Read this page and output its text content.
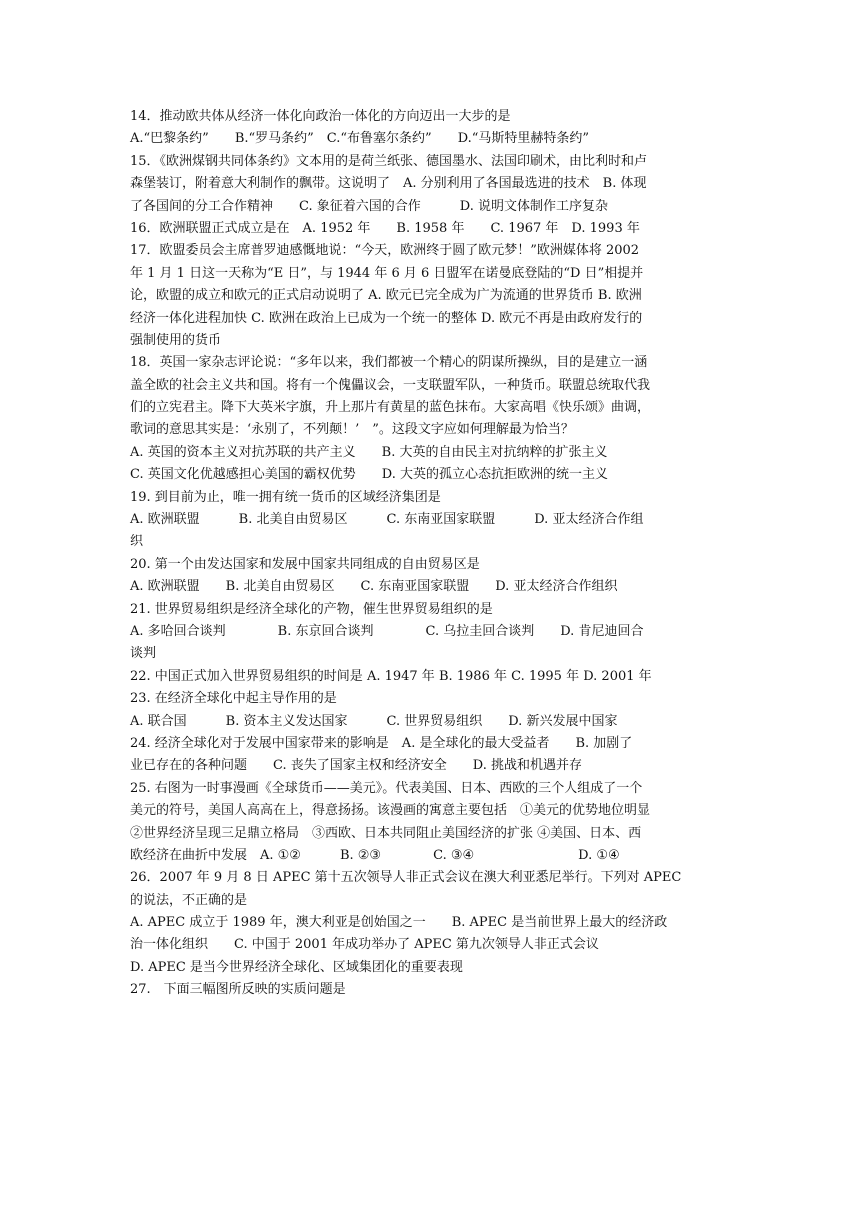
14．推动欧共体从经济一体化向政治一体化的方向迈出一大步的是
A.“巴黎条约”　　B.“罗马条约”　C.“布鲁塞尔条约”　　D.“马斯特里赫特条约”
15．《欧洲煤钢共同体条约》文本用的是荷兰纸张、德国墨水、法国印刷术，由比利时和卢
森堡装订，附着意大利制作的飘带。这说明了　A. 分别利用了各国最选进的技术　B. 体现
了各国间的分工合作精神　　C. 象征着六国的合作　　　D. 说明文体制作工序复杂
16．欧洲联盟正式成立是在　A. 1952 年　　B. 1958 年　　C. 1967 年　D. 1993 年
17．欧盟委员会主席普罗迪感慨地说：“今天，欧洲终于圆了欧元梦！”欧洲媒体将 2002
年 1 月 1 日这一天称为“E 日”，与 1944 年 6 月 6 日盟军在诺曼底登陆的“D 日”相提并
论，欧盟的成立和欧元的正式启动说明了 A. 欧元已完全成为广为流通的世界货币 B. 欧洲
经济一体化进程加快 C. 欧洲在政治上已成为一个统一的整体 D. 欧元不再是由政府发行的
强制使用的货币
18．英国一家杂志评论说：“多年以来，我们都被一个精心的阴谋所操纵，目的是建立一涵
盖全欧的社会主义共和国。将有一个傀儡议会，一支联盟军队，一种货币。联盟总统取代我
们的立宪君主。降下大英米字旗，升上那片有黄星的蓝色抹布。大家高唱《快乐颂》曲调，
歌词的意思其实是：‘永别了，不列颠！’　”。这段文字应如何理解最为恰当？
A. 英国的资本主义对抗苏联的共产主义　　B. 大英的自由民主对抗纳粹的扩张主义
C. 英国文化优越感担心美国的霸权优势　　D. 大英的孤立心态抗拒欧洲的统一主义
19. 到目前为止，唯一拥有统一货币的区域经济集团是
A. 欧洲联盟　　　B. 北美自由贸易区　　　C. 东南亚国家联盟　　　D. 亚太经济合作组
织
20. 第一个由发达国家和发展中国家共同组成的自由贸易区是
A. 欧洲联盟　　B. 北美自由贸易区　　C. 东南亚国家联盟　　D. 亚太经济合作组织
21. 世界贸易组织是经济全球化的产物，催生世界贸易组织的是
A. 多哈回合谈判　　　　B. 东京回合谈判　　　　C. 乌拉圭回合谈判　　D. 肯尼迪回合
谈判
22. 中国正式加入世界贸易组织的时间是 A. 1947 年 B. 1986 年 C. 1995 年 D. 2001 年
23. 在经济全球化中起主导作用的是
A. 联合国　　　B. 资本主义发达国家　　　C. 世界贸易组织　　D. 新兴发展中国家
24. 经济全球化对于发展中国家带来的影响是　A. 是全球化的最大受益者　　B. 加剧了
业已存在的各种问题　　C. 丧失了国家主权和经济安全　　D. 挑战和机遇并存
25. 右图为一时事漫画《全球货币——美元》。代表美国、日本、西欧的三个人组成了一个
美元的符号，美国人高高在上，得意扬扬。该漫画的寓意主要包括　①美元的优势地位明显
②世界经济呈现三足鼎立格局　③西欧、日本共同阻止美国经济的扩张 ④美国、日本、西
欧经济在曲折中发展　A. ①②　　　B. ②③　　　　C. ③④　　　　　　　　D. ①④
26．2007 年 9 月 8 日 APEC 第十五次领导人非正式会议在澳大利亚悉尼举行。下列对 APEC
的说法，不正确的是
A. APEC 成立于 1989 年，澳大利亚是创始国之一　　B. APEC 是当前世界上最大的经济政
治一体化组织　　C. 中国于 2001 年成功举办了 APEC 第九次领导人非正式会议
D. APEC 是当今世界经济全球化、区域集团化的重要表现
27.　下面三幅图所反映的实质问题是
